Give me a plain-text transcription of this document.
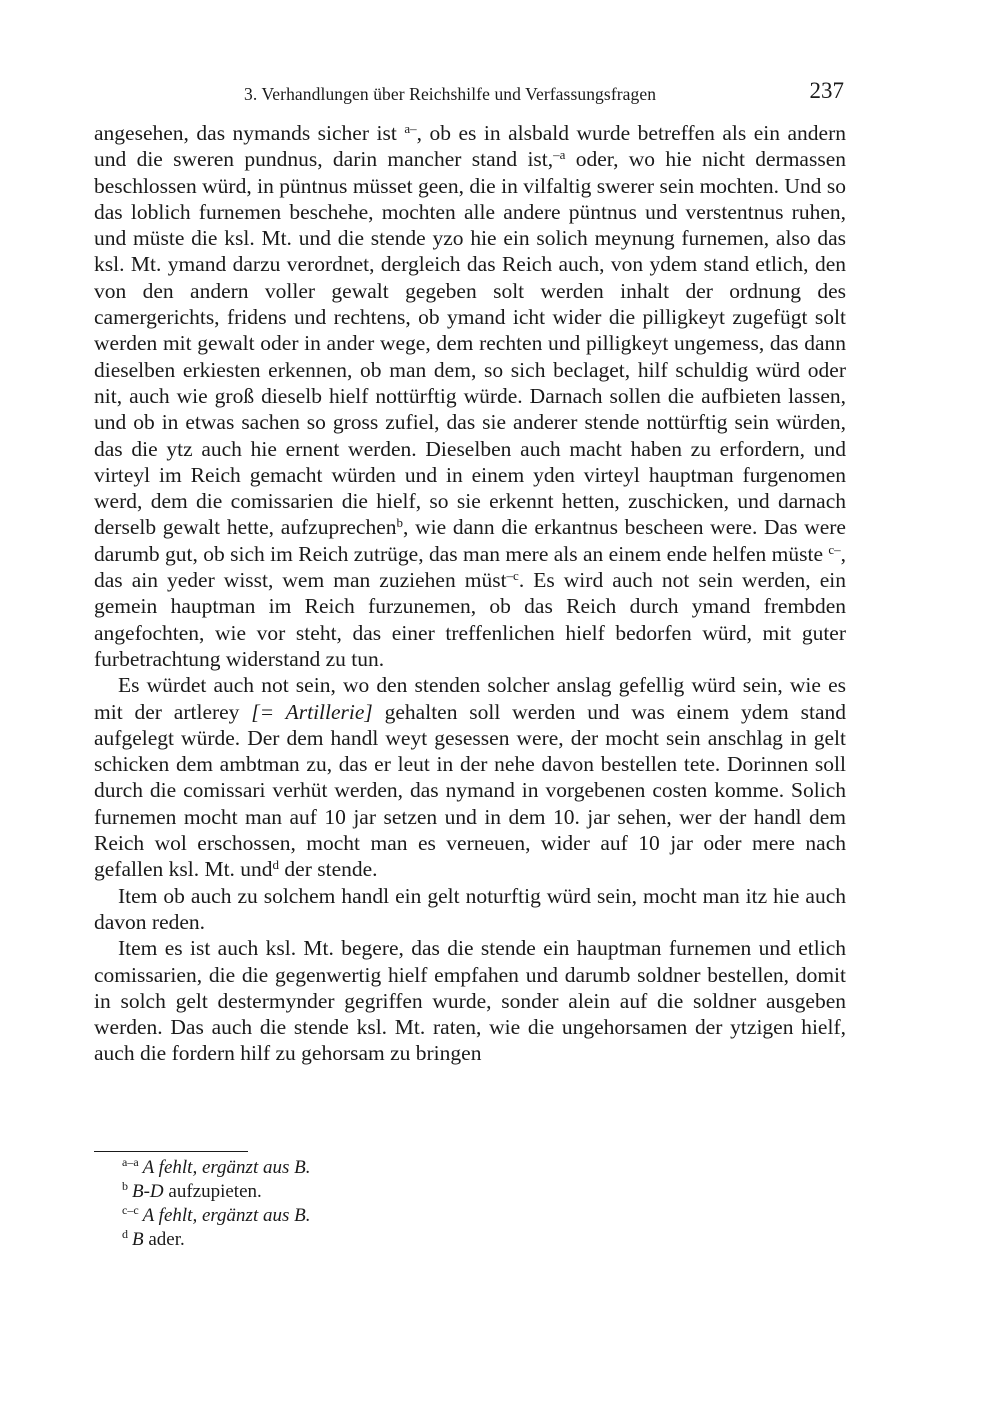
3. Verhandlungen über Reichshilfe und Verfassungsfragen	237

angesehen, das nymands sicher ist $^{a-}$, ob es in alsbald wurde betreffen als ein andern und die sweren pundnus, darin mancher stand ist,$^{-a}$ oder, wo hie nicht dermassen beschlossen würd, in püntnus müsset geen, die in vilfaltig swerer sein mochten. Und so das loblich furnemen beschehe, mochten alle andere püntnus und verstentnus ruhen, und müste die ksl. Mt. und die stende yzo hie ein solich meynung furnemen, also das ksl. Mt. ymand darzu verordnet, dergleich das Reich auch, von ydem stand etlich, den von den andern voller gewalt gegeben solt werden inhalt der ordnung des camergerichts, fridens und rechtens, ob ymand icht wider die pilligkeyt zugefügt solt werden mit gewalt oder in ander wege, dem rechten und pilligkeyt ungemess, das dann dieselben erkiesten erkennen, ob man dem, so sich beclaget, hilf schuldig würd oder nit, auch wie groß dieselb hielf nottürftig würde. Darnach sollen die aufbieten lassen, und ob in etwas sachen so gross zufiel, das sie anderer stende nottürftig sein würden, das die ytz auch hie ernent werden. Dieselben auch macht haben zu erfordern, und virteyl im Reich gemacht würden und in einem yden virteyl hauptman furgenomen werd, dem die comissarien die hielf, so sie erkennt hetten, zuschicken, und darnach derselb gewalt hette, aufzuprechen$^b$, wie dann die erkantnus bescheen were. Das were darumb gut, ob sich im Reich zutrüge, das man mere als an einem ende helfen müste $^{c-}$, das ain yeder wisst, wem man zuziehen müst$^{-c}$. Es wird auch not sein werden, ein gemein hauptman im Reich furzunemen, ob das Reich durch ymand frembden angefochten, wie vor steht, das einer treffenlichen hielf bedorfen würd, mit guter furbetrachtung widerstand zu tun.

Es würdet auch not sein, wo den stenden solcher anslag gefellig würd sein, wie es mit der artlerey [= Artillerie] gehalten soll werden und was einem ydem stand aufgelegt würde. Der dem handl weyt gesessen were, der mocht sein anschlag in gelt schicken dem ambtman zu, das er leut in der nehe davon bestellen tete. Dorinnen soll durch die comissari verhüt werden, das nymand in vorgebenen costen komme. Solich furnemen mocht man auf 10 jar setzen und in dem 10. jar sehen, wer der handl dem Reich wol erschossen, mocht man es verneuen, wider auf 10 jar oder mere nach gefallen ksl. Mt. und$^d$ der stende.

Item ob auch zu solchem handl ein gelt noturftig würd sein, mocht man itz hie auch davon reden.

Item es ist auch ksl. Mt. begere, das die stende ein hauptman furnemen und etlich comissarien, die die gegenwertig hielf empfahen und darumb soldner bestellen, domit in solch gelt destermynder gegriffen wurde, sonder alein auf die soldner ausgeben werden. Das auch die stende ksl. Mt. raten, wie die ungehorsamen der ytzigen hielf, auch die fordern hilf zu gehorsam zu bringen

$^{a-a}$ A fehlt, ergänzt aus B.
$^b$ B-D aufzupieten.
$^{c-c}$ A fehlt, ergänzt aus B.
$^d$ B ader.
